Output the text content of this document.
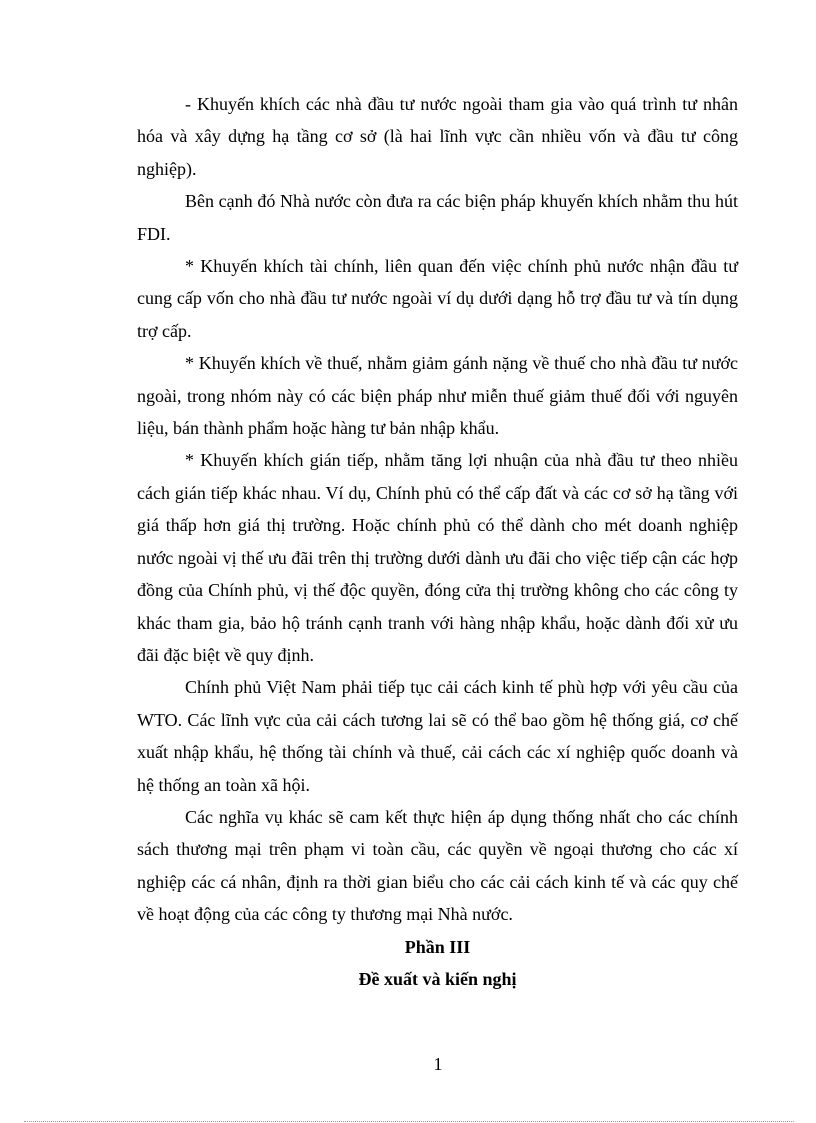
- Khuyến khích các nhà đầu tư nước ngoài tham gia vào quá trình tư nhân hóa và xây dựng hạ tầng cơ sở (là hai lĩnh vực cần nhiều vốn và đầu tư công nghiệp).

Bên cạnh đó Nhà nước còn đưa ra các biện pháp khuyến khích nhằm thu hút FDI.

* Khuyến khích tài chính, liên quan đến việc chính phủ nước nhận đầu tư cung cấp vốn cho nhà đầu tư nước ngoài ví dụ dưới dạng hỗ trợ đầu tư và tín dụng trợ cấp.

* Khuyến khích về thuế, nhằm giảm gánh nặng về thuế cho nhà đầu tư nước ngoài, trong nhóm này có các biện pháp như miễn thuế giảm thuế đối với nguyên liệu, bán thành phẩm hoặc hàng tư bản nhập khẩu.

* Khuyến khích gián tiếp, nhằm tăng lợi nhuận của nhà đầu tư theo nhiều cách gián tiếp khác nhau. Ví dụ, Chính phủ có thể cấp đất và các cơ sở hạ tầng với giá thấp hơn giá thị trường. Hoặc chính phủ có thể dành cho mét doanh nghiệp nước ngoài vị thế ưu đãi trên thị trường dưới dành ưu đãi cho việc tiếp cận các hợp đồng của Chính phủ, vị thế độc quyền, đóng cửa thị trường không cho các công ty khác tham gia, bảo hộ tránh cạnh tranh với hàng nhập khẩu, hoặc dành đối xử ưu đãi đặc biệt về quy định.

Chính phủ Việt Nam phải tiếp tục cải cách kinh tế phù hợp với yêu cầu của WTO. Các lĩnh vực của cải cách tương lai sẽ có thể bao gồm hệ thống giá, cơ chế xuất nhập khẩu, hệ thống tài chính và thuế, cải cách các xí nghiệp quốc doanh và hệ thống an toàn xã hội.

Các nghĩa vụ khác sẽ cam kết thực hiện áp dụng thống nhất cho các chính sách thương mại trên phạm vi toàn cầu, các quyền về ngoại thương cho các xí nghiệp các cá nhân, định ra thời gian biểu cho các cải cách kinh tế và các quy chế về hoạt động của các công ty thương mại Nhà nước.

Phần III

Đề xuất và kiến nghị

1
